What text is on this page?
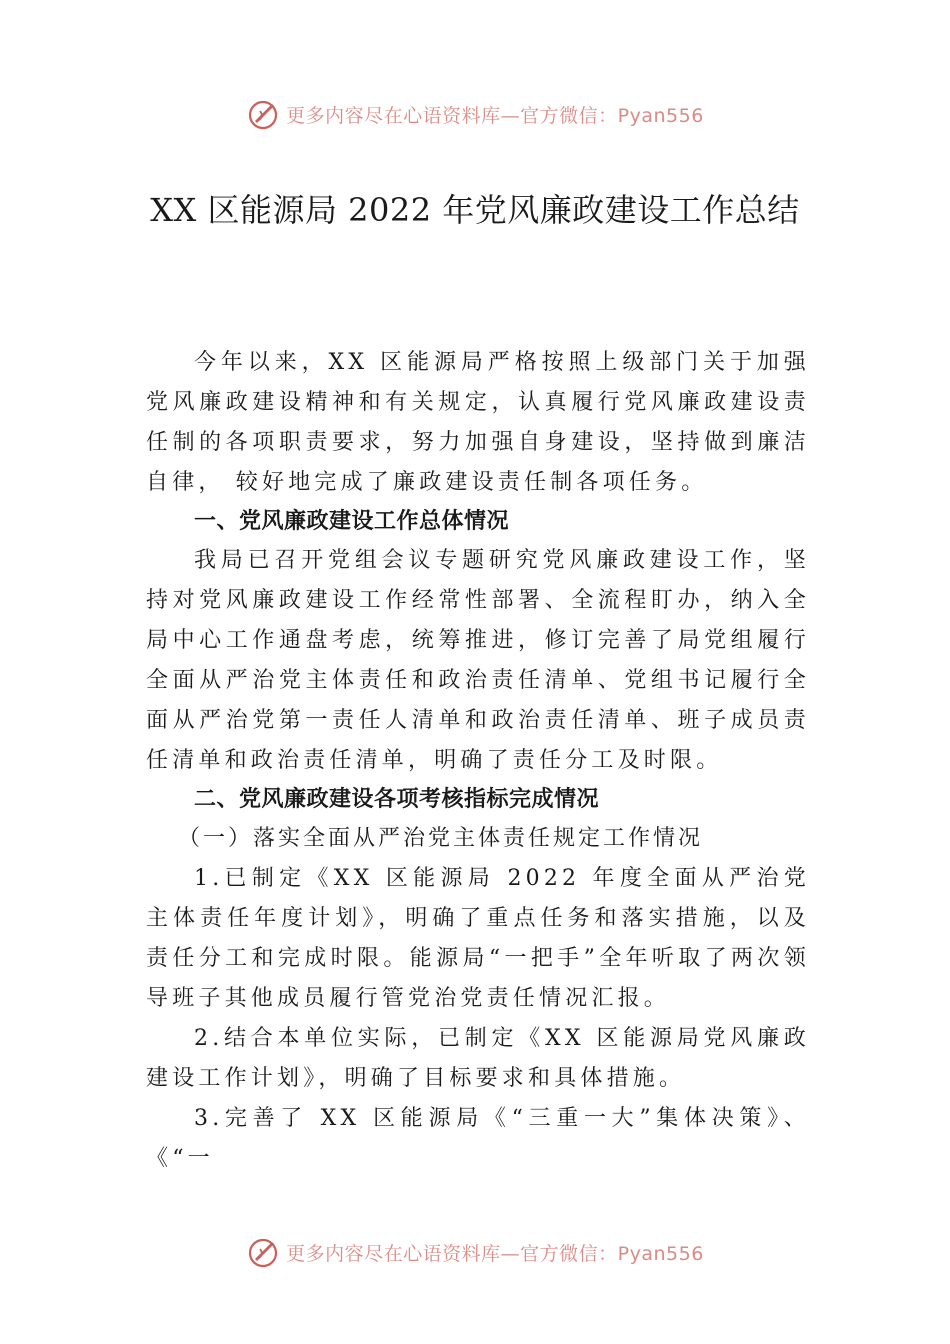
更多内容尽在心语资料库—官方微信：Pyan556
XX 区能源局 2022 年党风廉政建设工作总结

今年以来，XX 区能源局严格按照上级部门关于加强党风廉政建设精神和有关规定，认真履行党风廉政建设责任制的各项职责要求，努力加强自身建设，坚持做到廉洁自律， 较好地完成了廉政建设责任制各项任务。

一、党风廉政建设工作总体情况

我局已召开党组会议专题研究党风廉政建设工作，坚持对党风廉政建设工作经常性部署、全流程盯办，纳入全局中心工作通盘考虑，统筹推进，修订完善了局党组履行全面从严治党主体责任和政治责任清单、党组书记履行全面从严治党第一责任人清单和政治责任清单、班子成员责任清单和政治责任清单，明确了责任分工及时限。

二、党风廉政建设各项考核指标完成情况

（一）落实全面从严治党主体责任规定工作情况

1.已制定《XX 区能源局 2022 年度全面从严治党主体责任年度计划》，明确了重点任务和落实措施，以及责任分工和完成时限。能源局“一把手”全年听取了两次领导班子其他成员履行管党治党责任情况汇报。

2.结合本单位实际，已制定《XX 区能源局党风廉政建设工作计划》，明确了目标要求和具体措施。

3.完善了 XX 区能源局《“三重一大”集体决策》、《“一

更多内容尽在心语资料库—官方微信：Pyan556
